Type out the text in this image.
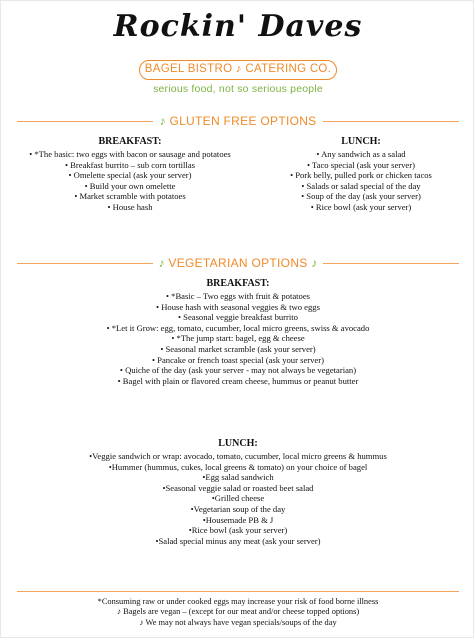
Rockin' Daves
BAGEL BISTRO ♪ CATERING CO.
serious food, not so serious people
♪ GLUTEN FREE OPTIONS
BREAKFAST:
• *The basic: two eggs with bacon or sausage and potatoes
• Breakfast burrito – sub corn tortillas
• Omelette special (ask your server)
• Build your own omelette
• Market scramble with potatoes
• House hash
LUNCH:
• Any sandwich as a salad
• Taco special (ask your server)
• Pork belly, pulled pork or chicken tacos
• Salads or salad special of the day
• Soup of the day (ask your server)
• Rice bowl (ask your server)
♪ VEGETARIAN OPTIONS ♪
BREAKFAST:
• *Basic – Two eggs with fruit & potatoes
• House hash with seasonal veggies & two eggs
• Seasonal veggie breakfast burrito
• *Let it Grow: egg, tomato, cucumber, local micro greens, swiss & avocado
• *The jump start: bagel, egg & cheese
• Seasonal market scramble (ask your server)
• Pancake or french toast special (ask your server)
• Quiche of the day (ask your server - may not always be vegetarian)
• Bagel with plain or flavored cream cheese, hummus or peanut butter
LUNCH:
•Veggie sandwich or wrap: avocado, tomato, cucumber, local micro greens & hummus
•Hummer (hummus, cukes, local greens & tomato) on your choice of bagel
•Egg salad sandwich
•Seasonal veggie salad or roasted beet salad
•Grilled cheese
•Vegetarian soup of the day
•Housemade PB & J
•Rice bowl (ask your server)
•Salad special minus any meat (ask your server)
*Consuming raw or under cooked eggs may increase your risk of food borne illness
♪ Bagels are vegan – (except for our meat and/or cheese topped options)
♪ We may not always have vegan specials/soups of the day
